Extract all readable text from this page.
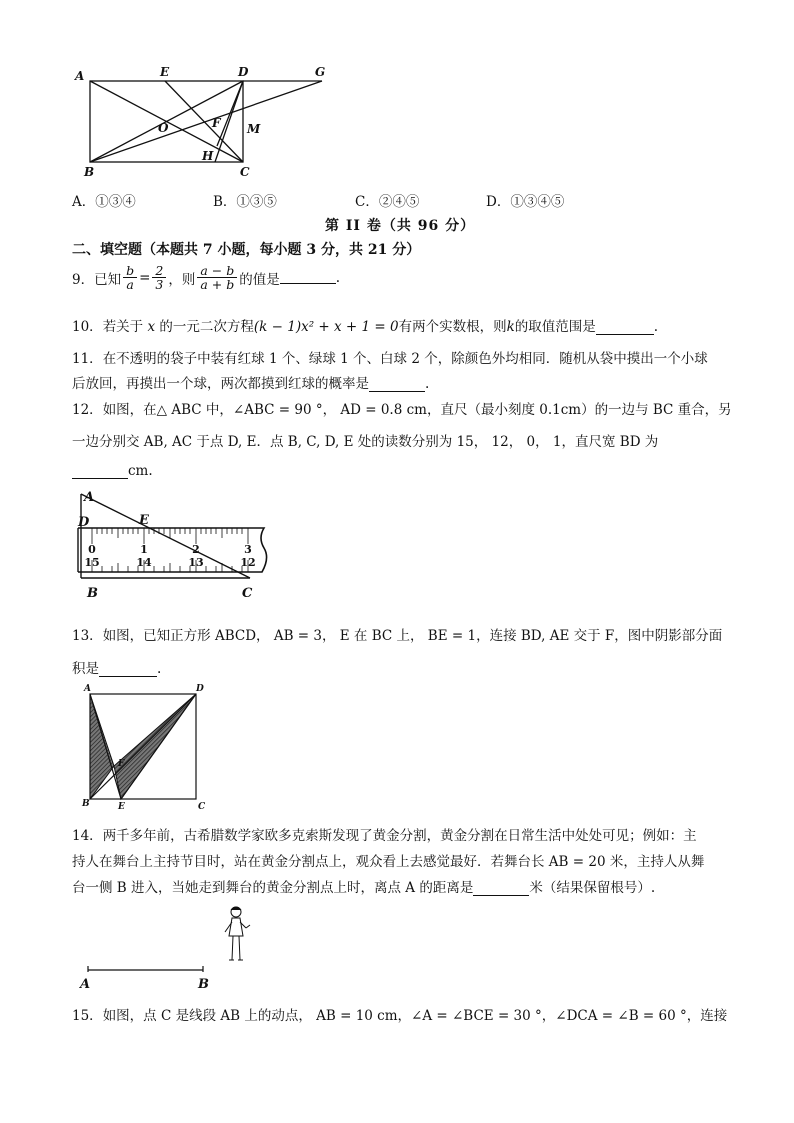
A	E	D	G
O	F M
H
B	C
A．①③④	B．①③⑤	C．②④⑤	D．①③④⑤
第 II 卷（共 96 分）
二、填空题（本题共 7 小题，每小题 3 分，共 21 分）
9． 已知 $\frac{b}{a} = \frac{2}{3}$ ，则 $\frac{a - b}{a + b}$ 的值是	.
10．若关于 x 的一元二次方程(k − 1)x² + x + 1 = 0有两个实数根，则k的取值范围是	.
11．在不透明的袋子中装有红球 1 个、绿球 1 个、白球 2 个，除颜色外均相同．随机从袋中摸出一个小球
后放回，再摸出一个球，两次都摸到红球的概率是	.
12．如图，在△ ABC 中，∠ABC = 90 °， AD = 0.8 cm，直尺（最小刻度 0.1cm）的一边与 BC 重合，另
一边分别交 AB, AC 于点 D, E．点 B, C, D, E 处的读数分别为 15， 12， 0， 1，直尺宽 BD 为
cm.
0	1	2	3
15	14	13	12
A
D	E
B	C
13．如图，已知正方形 ABCD， AB = 3， E 在 BC 上， BE = 1，连接 BD, AE 交于 F，图中阴影部分面
积是	.
A	D
F
B	E	C
14．两千多年前，古希腊数学家欧多克索斯发现了黄金分割，黄金分割在日常生活中处处可见；例如：主
持人在舞台上主持节目时，站在黄金分割点上，观众看上去感觉最好．若舞台长 AB = 20 米，主持人从舞
台一侧 B 进入，当她走到舞台的黄金分割点上时，离点 A 的距离是	米（结果保留根号）.
A	B
15．如图，点 C 是线段 AB 上的动点， AB = 10 cm，∠A = ∠BCE = 30 °，∠DCA = ∠B = 60 °，连接
